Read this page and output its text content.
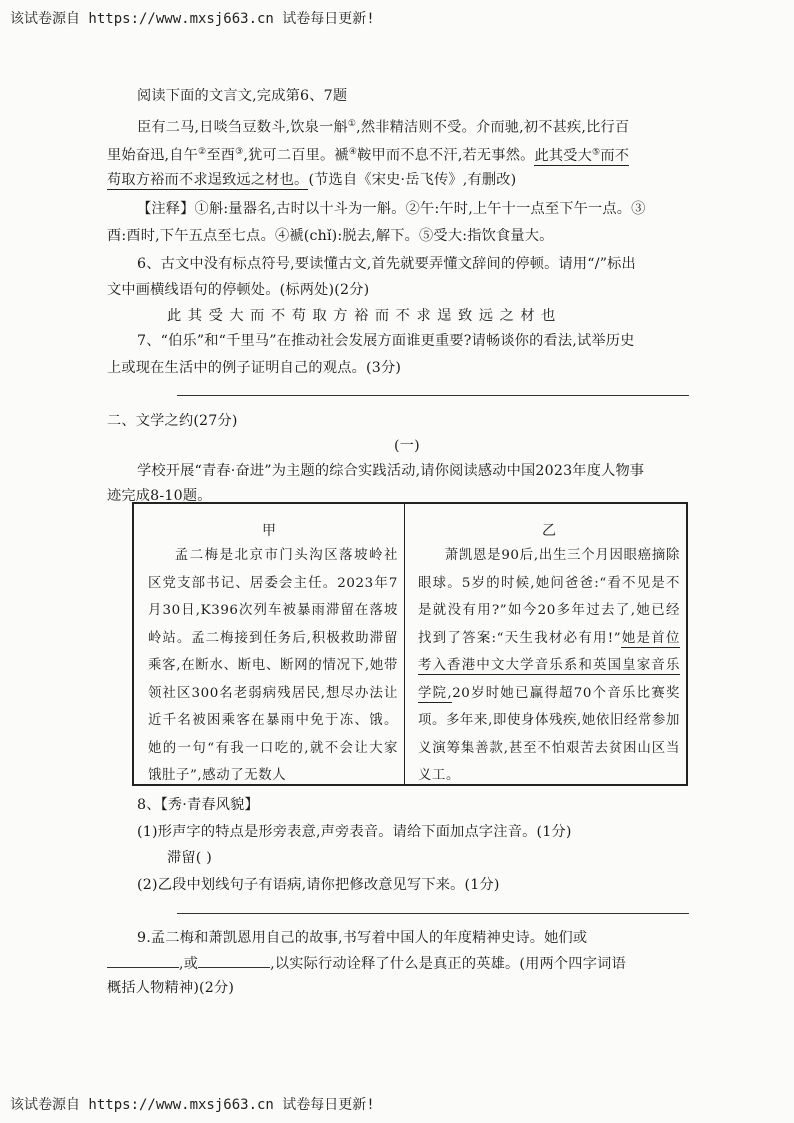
该试卷源自 https://www.mxsj663.cn 试卷每日更新!
阅读下面的文言文,完成第6、7题
臣有二马,日啖刍豆数斗,饮泉一斛①,然非精洁则不受。介而驰,初不甚疾,比行百
里始奋迅,自午②至酉③,犹可二百里。褫④鞍甲而不息不汗,若无事然。此其受大⑤而不
苟取方裕而不求逞致远之材也。(节选自《宋史·岳飞传》,有删改)
【注释】①斛:量器名,古时以十斗为一斛。②午:午时,上午十一点至下午一点。③
酉:酉时,下午五点至七点。④褫(chǐ):脱去,解下。⑤受大:指饮食量大。
6、古文中没有标点符号,要读懂古文,首先就要弄懂文辞间的停顿。请用“/”标出
文中画横线语句的停顿处。(标两处)(2分)
此其受大而不苟取方裕而不求逞致远之材也
7、“伯乐”和“千里马”在推动社会发展方面谁更重要?请畅谈你的看法,试举历史
上或现在生活中的例子证明自己的观点。(3分)
二、文学之约(27分)
(一)
学校开展“青春·奋进”为主题的综合实践活动,请你阅读感动中国2023年度人物事
迹完成8-10题。
甲
孟二梅是北京市门头沟区落坡岭社区党支部书记、居委会主任。2023年7月30日,K396次列车被暴雨滞留在落坡岭站。孟二梅接到任务后,积极救助滞留乘客,在断水、断电、断网的情况下,她带领社区300名老弱病残居民,想尽办法让近千名被困乘客在暴雨中免于冻、饿。她的一句“有我一口吃的,就不会让大家饿肚子”,感动了无数人
乙
萧凯恩是90后,出生三个月因眼癌摘除眼球。5岁的时候,她问爸爸:“看不见是不是就没有用?”如今20多年过去了,她已经找到了答案:“天生我材必有用!”她是首位考入香港中文大学音乐系和英国皇家音乐学院,20岁时她已赢得超70个音乐比赛奖项。多年来,即使身体残疾,她依旧经常参加义演筹集善款,甚至不怕艰苦去贫困山区当义工。
8、【秀·青春风貌】
(1)形声字的特点是形旁表意,声旁表音。请给下面加点字注音。(1分)
滞留( )
(2)乙段中划线句子有语病,请你把修改意见写下来。(1分)
9.孟二梅和萧凯恩用自己的故事,书写着中国人的年度精神史诗。她们或
,或	,以实际行动诠释了什么是真正的英雄。(用两个四字词语
概括人物精神)(2分)
该试卷源自 https://www.mxsj663.cn 试卷每日更新!
